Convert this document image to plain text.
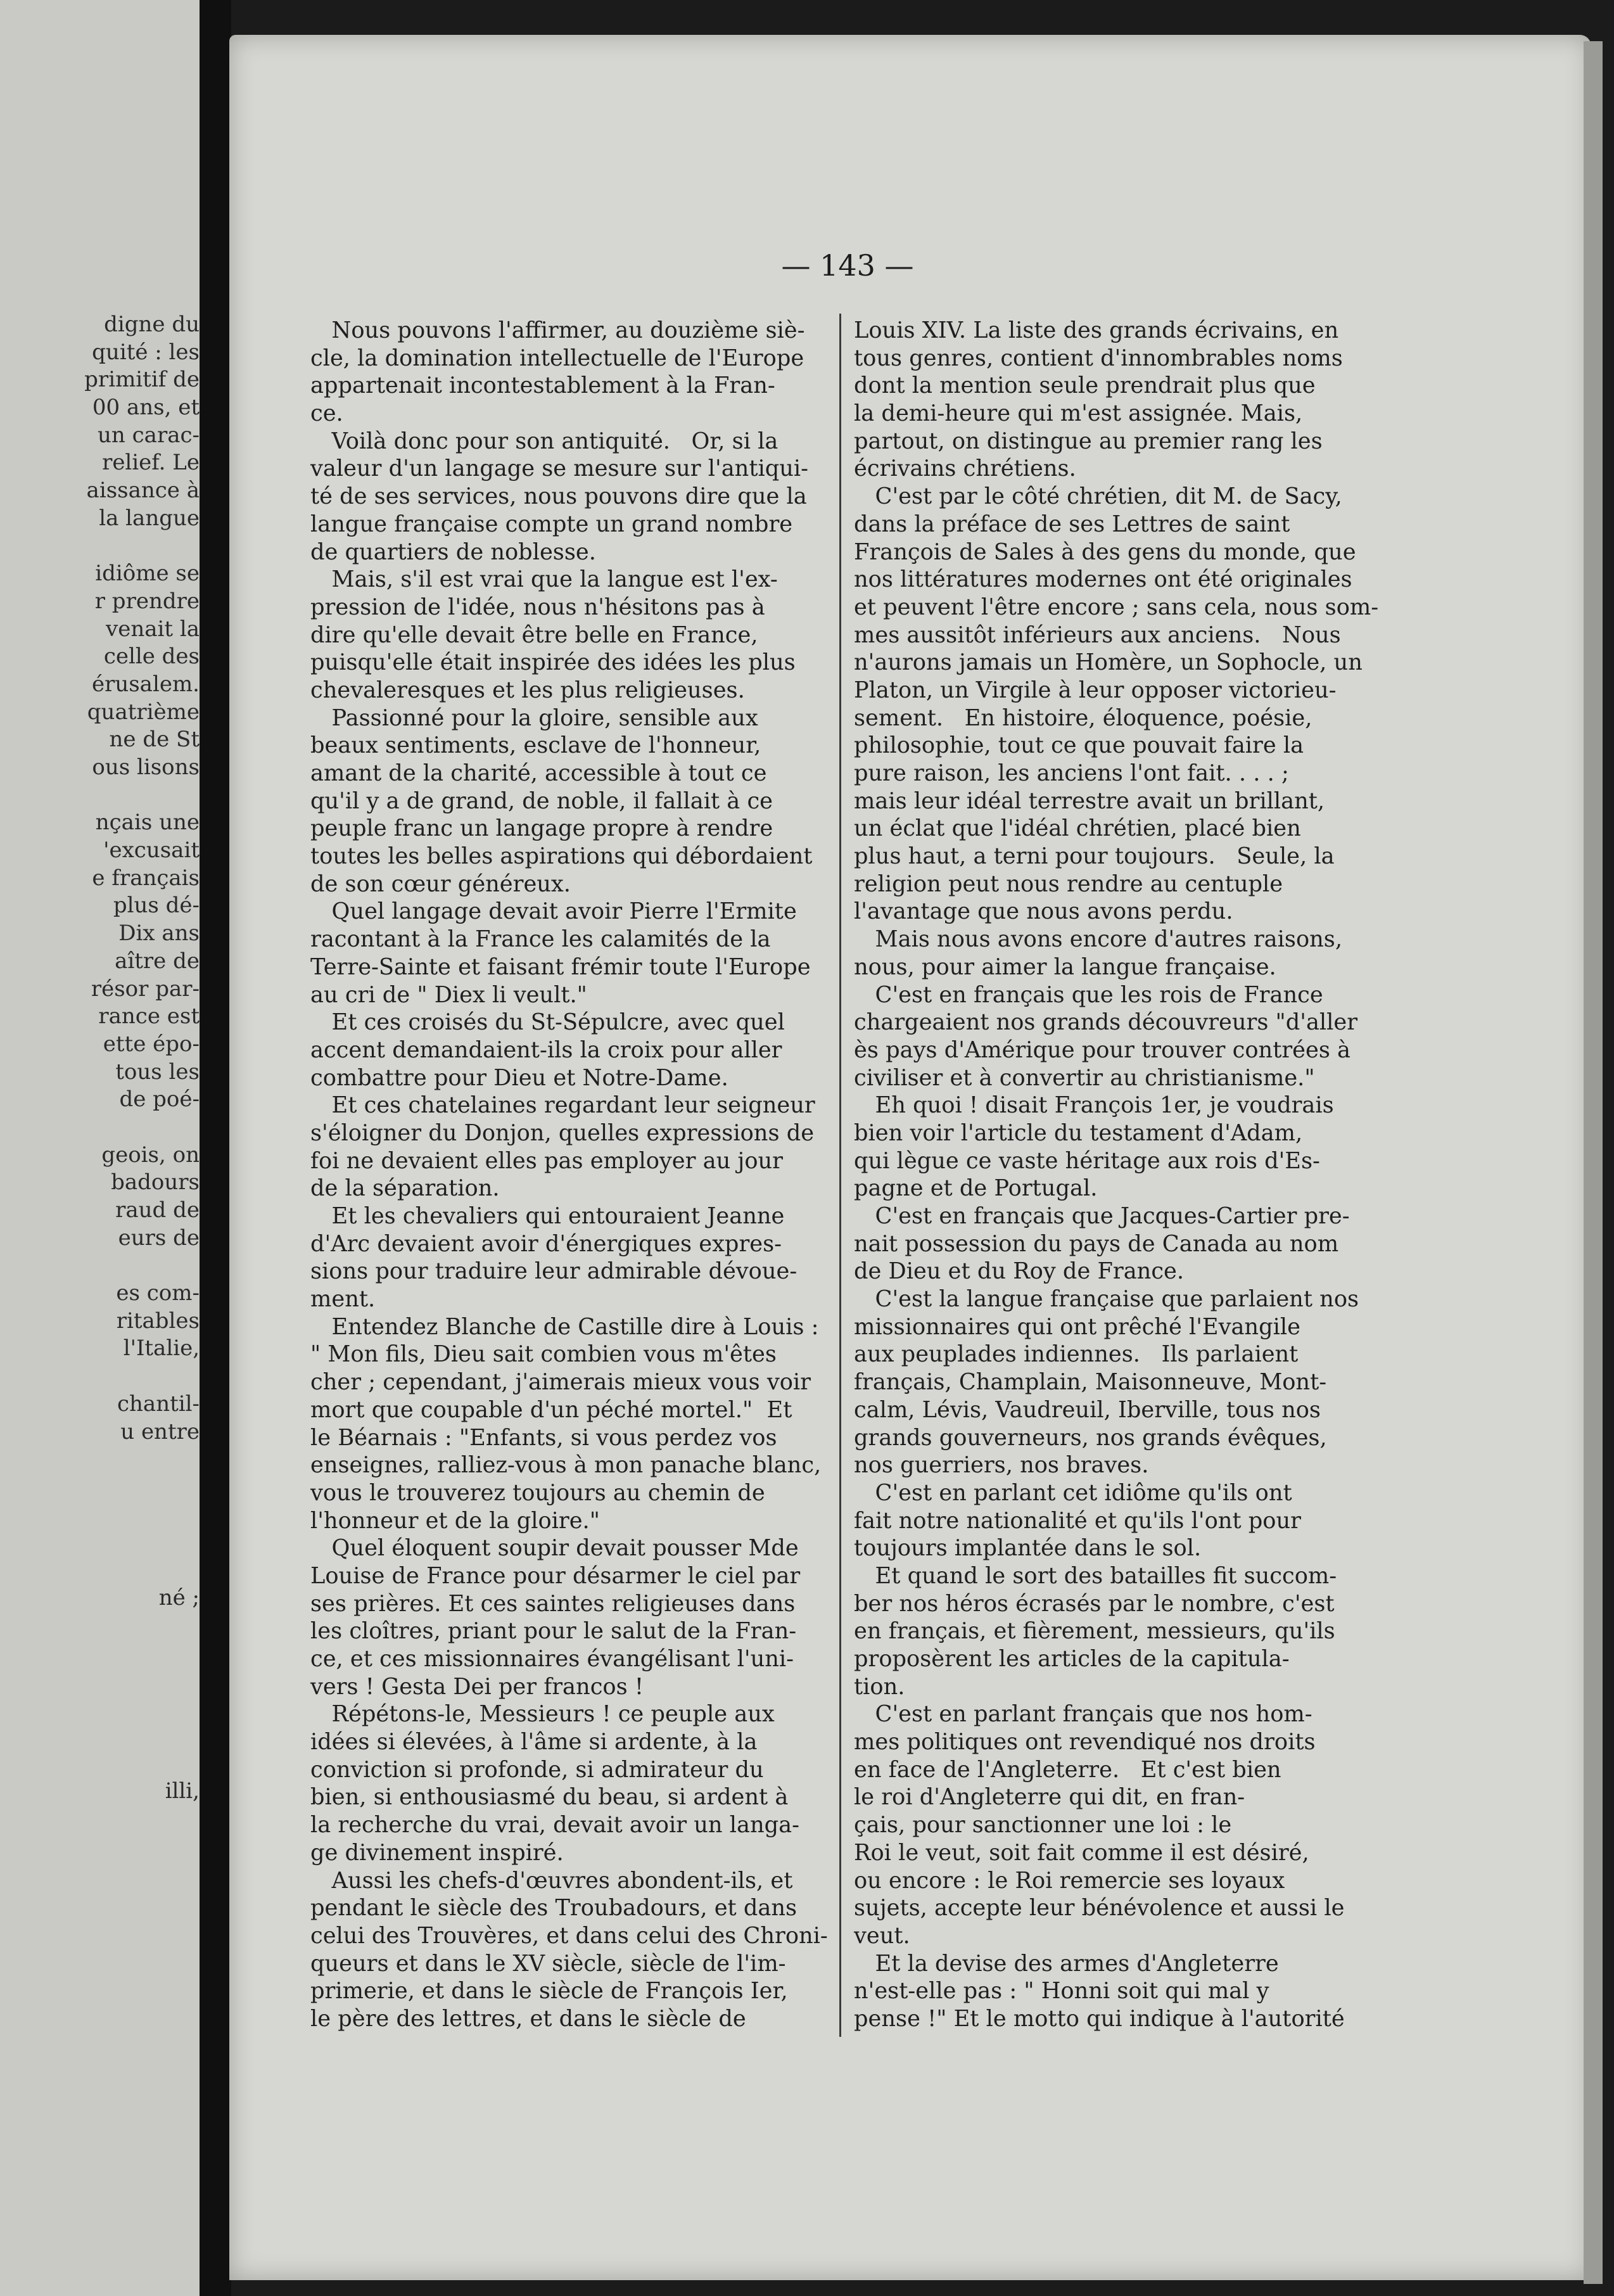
digne du
quité : les
primitif de
00 ans, et
un carac-
relief. Le
aissance à
la langue
idiôme se
r prendre
venait la
celle des
érusalem.
quatrième
ne de St
ous lisons
nçais une
'excusait
e français
plus dé-
Dix ans
aître de
résor par-
rance est
ette épo-
tous les
de poé-
geois, on
badours
raud de
eurs de
es com-
ritables
l'Italie,
chantil-
u entre
né ;
illi,
— 143 —
Nous pouvons l'affirmer, au douzième siè-
cle, la domination intellectuelle de l'Europe
appartenait incontestablement à la Fran-
ce.
Voilà donc pour son antiquité.   Or, si la
valeur d'un langage se mesure sur l'antiqui-
té de ses services, nous pouvons dire que la
langue française compte un grand nombre
de quartiers de noblesse.
Mais, s'il est vrai que la langue est l'ex-
pression de l'idée, nous n'hésitons pas à
dire qu'elle devait être belle en France,
puisqu'elle était inspirée des idées les plus
chevaleresques et les plus religieuses.
Passionné pour la gloire, sensible aux
beaux sentiments, esclave de l'honneur,
amant de la charité, accessible à tout ce
qu'il y a de grand, de noble, il fallait à ce
peuple franc un langage propre à rendre
toutes les belles aspirations qui débordaient
de son cœur généreux.
Quel langage devait avoir Pierre l'Ermite
racontant à la France les calamités de la
Terre-Sainte et faisant frémir toute l'Europe
au cri de " Diex li veult."
Et ces croisés du St-Sépulcre, avec quel
accent demandaient-ils la croix pour aller
combattre pour Dieu et Notre-Dame.
Et ces chatelaines regardant leur seigneur
s'éloigner du Donjon, quelles expressions de
foi ne devaient elles pas employer au jour
de la séparation.
Et les chevaliers qui entouraient Jeanne
d'Arc devaient avoir d'énergiques expres-
sions pour traduire leur admirable dévoue-
ment.
Entendez Blanche de Castille dire à Louis :
" Mon fils, Dieu sait combien vous m'êtes
cher ; cependant, j'aimerais mieux vous voir
mort que coupable d'un péché mortel."  Et
le Béarnais : "Enfants, si vous perdez vos
enseignes, ralliez-vous à mon panache blanc,
vous le trouverez toujours au chemin de
l'honneur et de la gloire."
Quel éloquent soupir devait pousser Mde
Louise de France pour désarmer le ciel par
ses prières. Et ces saintes religieuses dans
les cloîtres, priant pour le salut de la Fran-
ce, et ces missionnaires évangélisant l'uni-
vers ! Gesta Dei per francos !
Répétons-le, Messieurs ! ce peuple aux
idées si élevées, à l'âme si ardente, à la
conviction si profonde, si admirateur du
bien, si enthousiasmé du beau, si ardent à
la recherche du vrai, devait avoir un langa-
ge divinement inspiré.
Aussi les chefs-d'œuvres abondent-ils, et
pendant le siècle des Troubadours, et dans
celui des Trouvères, et dans celui des Chroni-
queurs et dans le XV siècle, siècle de l'im-
primerie, et dans le siècle de François Ier,
le père des lettres, et dans le siècle de
Louis XIV. La liste des grands écrivains, en
tous genres, contient d'innombrables noms
dont la mention seule prendrait plus que
la demi-heure qui m'est assignée. Mais,
partout, on distingue au premier rang les
écrivains chrétiens.
C'est par le côté chrétien, dit M. de Sacy,
dans la préface de ses Lettres de saint
François de Sales à des gens du monde, que
nos littératures modernes ont été originales
et peuvent l'être encore ; sans cela, nous som-
mes aussitôt inférieurs aux anciens.   Nous
n'aurons jamais un Homère, un Sophocle, un
Platon, un Virgile à leur opposer victorieu-
sement.   En histoire, éloquence, poésie,
philosophie, tout ce que pouvait faire la
pure raison, les anciens l'ont fait. . . . ;
mais leur idéal terrestre avait un brillant,
un éclat que l'idéal chrétien, placé bien
plus haut, a terni pour toujours.   Seule, la
religion peut nous rendre au centuple
l'avantage que nous avons perdu.
Mais nous avons encore d'autres raisons,
nous, pour aimer la langue française.
C'est en français que les rois de France
chargeaient nos grands découvreurs "d'aller
ès pays d'Amérique pour trouver contrées à
civiliser et à convertir au christianisme."
Eh quoi ! disait François 1er, je voudrais
bien voir l'article du testament d'Adam,
qui lègue ce vaste héritage aux rois d'Es-
pagne et de Portugal.
C'est en français que Jacques-Cartier pre-
nait possession du pays de Canada au nom
de Dieu et du Roy de France.
C'est la langue française que parlaient nos
missionnaires qui ont prêché l'Evangile
aux peuplades indiennes.   Ils parlaient
français, Champlain, Maisonneuve, Mont-
calm, Lévis, Vaudreuil, Iberville, tous nos
grands gouverneurs, nos grands évêques,
nos guerriers, nos braves.
C'est en parlant cet idiôme qu'ils ont
fait notre nationalité et qu'ils l'ont pour
toujours implantée dans le sol.
Et quand le sort des batailles fit succom-
ber nos héros écrasés par le nombre, c'est
en français, et fièrement, messieurs, qu'ils
proposèrent les articles de la capitula-
tion.
C'est en parlant français que nos hom-
mes politiques ont revendiqué nos droits
en face de l'Angleterre.   Et c'est bien
le roi d'Angleterre qui dit, en fran-
çais, pour sanctionner une loi : le
Roi le veut, soit fait comme il est désiré,
ou encore : le Roi remercie ses loyaux
sujets, accepte leur bénévolence et aussi le
veut.
Et la devise des armes d'Angleterre
n'est-elle pas : " Honni soit qui mal y
pense !" Et le motto qui indique à l'autorité
